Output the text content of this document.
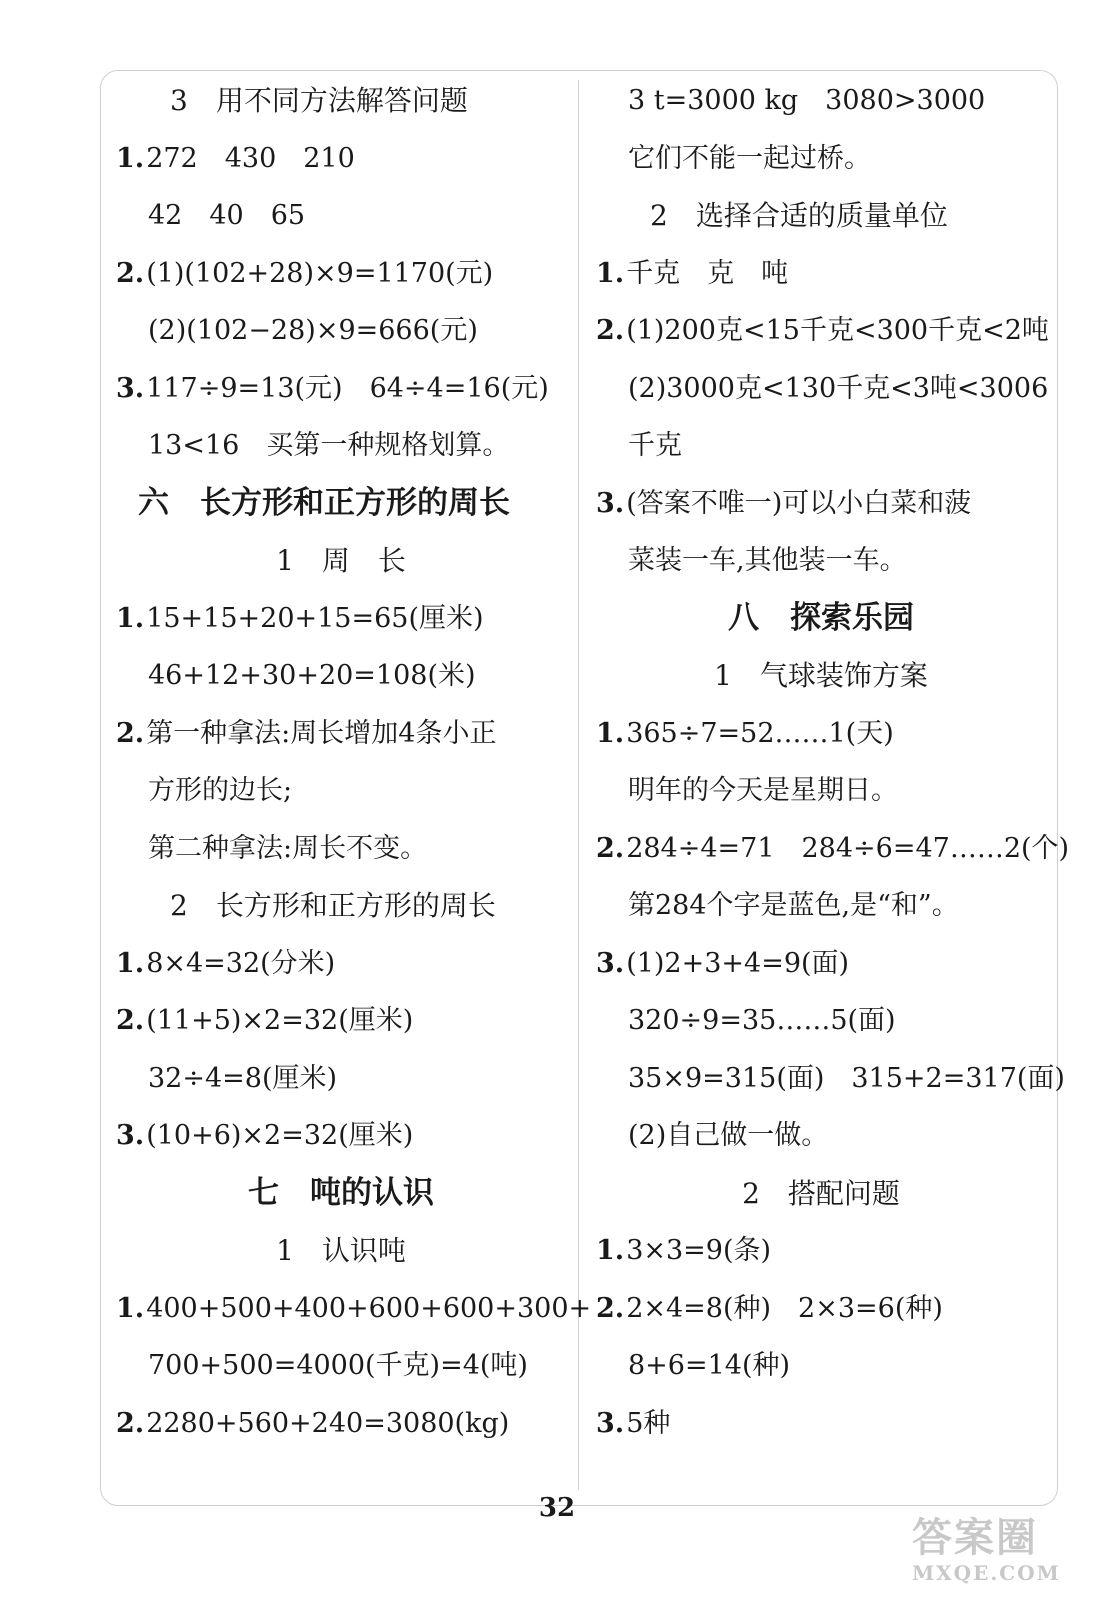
3　用不同方法解答问题
1.272　430　210
42　40　65
2.(1)(102+28)×9=1170(元)
(2)(102−28)×9=666(元)
3.117÷9=13(元)　64÷4=16(元)
13<16　买第一种规格划算。
六　长方形和正方形的周长
1　周　长
1.15+15+20+15=65(厘米)
46+12+30+20=108(米)
2.第一种拿法:周长增加4条小正
方形的边长;
第二种拿法:周长不变。
2　长方形和正方形的周长
1.8×4=32(分米)
2.(11+5)×2=32(厘米)
32÷4=8(厘米)
3.(10+6)×2=32(厘米)
七　吨的认识
1　认识吨
1.400+500+400+600+600+300+
700+500=4000(千克)=4(吨)
2.2280+560+240=3080(kg)
3 t=3000 kg　3080>3000
它们不能一起过桥。
2　选择合适的质量单位
1.千克　克　吨
2.(1)200克<15千克<300千克<2吨
(2)3000克<130千克<3吨<3006
千克
3.(答案不唯一)可以小白菜和菠
菜装一车,其他装一车。
八　探索乐园
1　气球装饰方案
1.365÷7=52……1(天)
明年的今天是星期日。
2.284÷4=71　284÷6=47……2(个)
第284个字是蓝色,是“和”。
3.(1)2+3+4=9(面)
320÷9=35……5(面)
35×9=315(面)　315+2=317(面)
(2)自己做一做。
2　搭配问题
1.3×3=9(条)
2.2×4=8(种)　2×3=6(种)
8+6=14(种)
3.5种
32
答案圈
MXQE.COM
